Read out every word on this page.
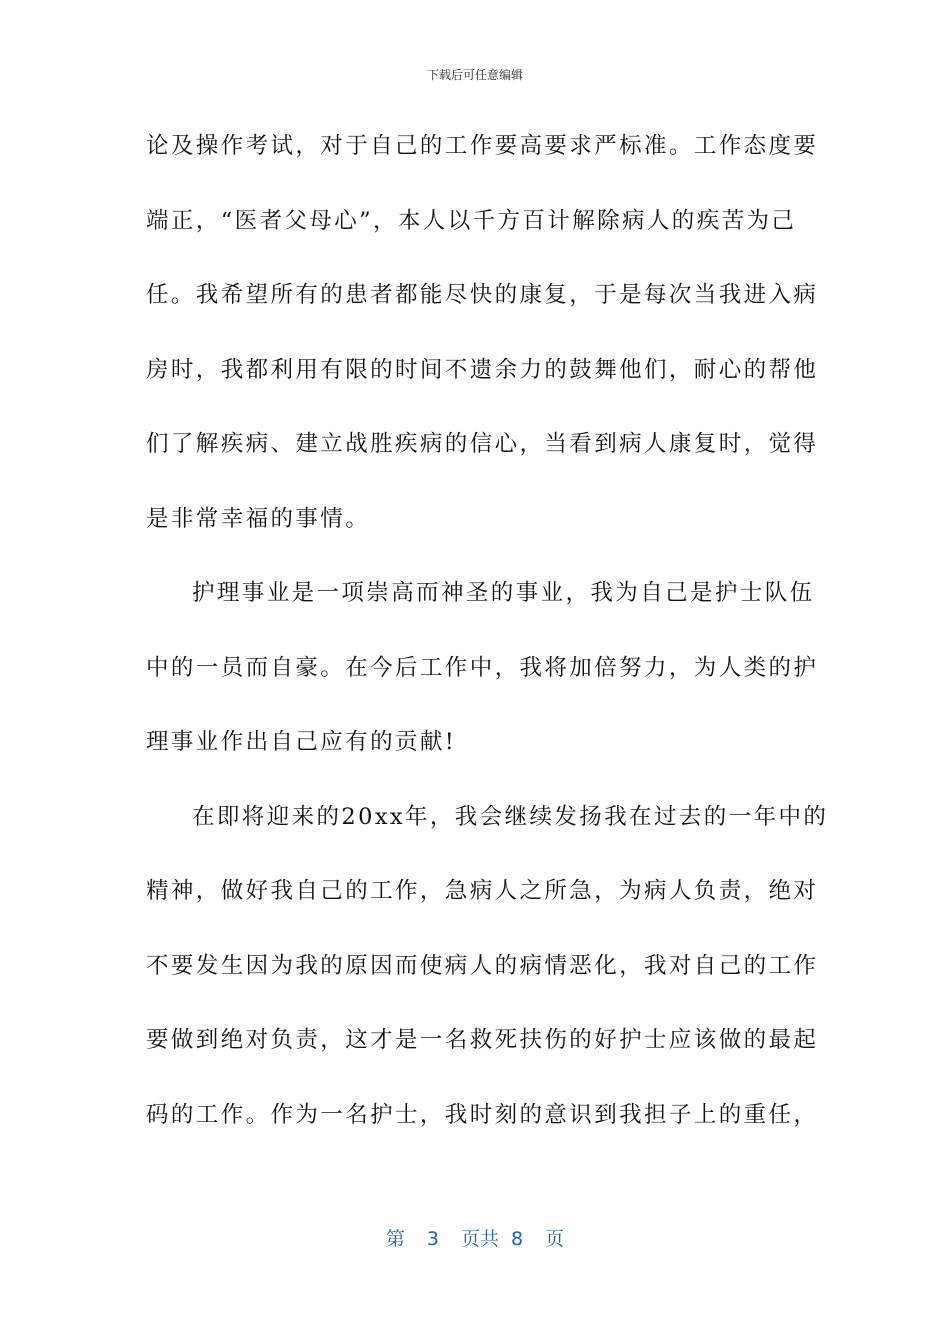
下载后可任意编辑
论及操作考试，对于自己的工作要高要求严标准。工作态度要
端正，“医者父母心”，本人以千方百计解除病人的疾苦为己
任。我希望所有的患者都能尽快的康复，于是每次当我进入病
房时，我都利用有限的时间不遗余力的鼓舞他们，耐心的帮他
们了解疾病、建立战胜疾病的信心，当看到病人康复时，觉得
是非常幸福的事情。
护理事业是一项崇高而神圣的事业，我为自己是护士队伍
中的一员而自豪。在今后工作中，我将加倍努力，为人类的护
理事业作出自己应有的贡献!
在即将迎来的20xx年，我会继续发扬我在过去的一年中的
精神，做好我自己的工作，急病人之所急，为病人负责，绝对
不要发生因为我的原因而使病人的病情恶化，我对自己的工作
要做到绝对负责，这才是一名救死扶伤的好护士应该做的最起
码的工作。作为一名护士，我时刻的意识到我担子上的重任，
第 3 页共 8 页
